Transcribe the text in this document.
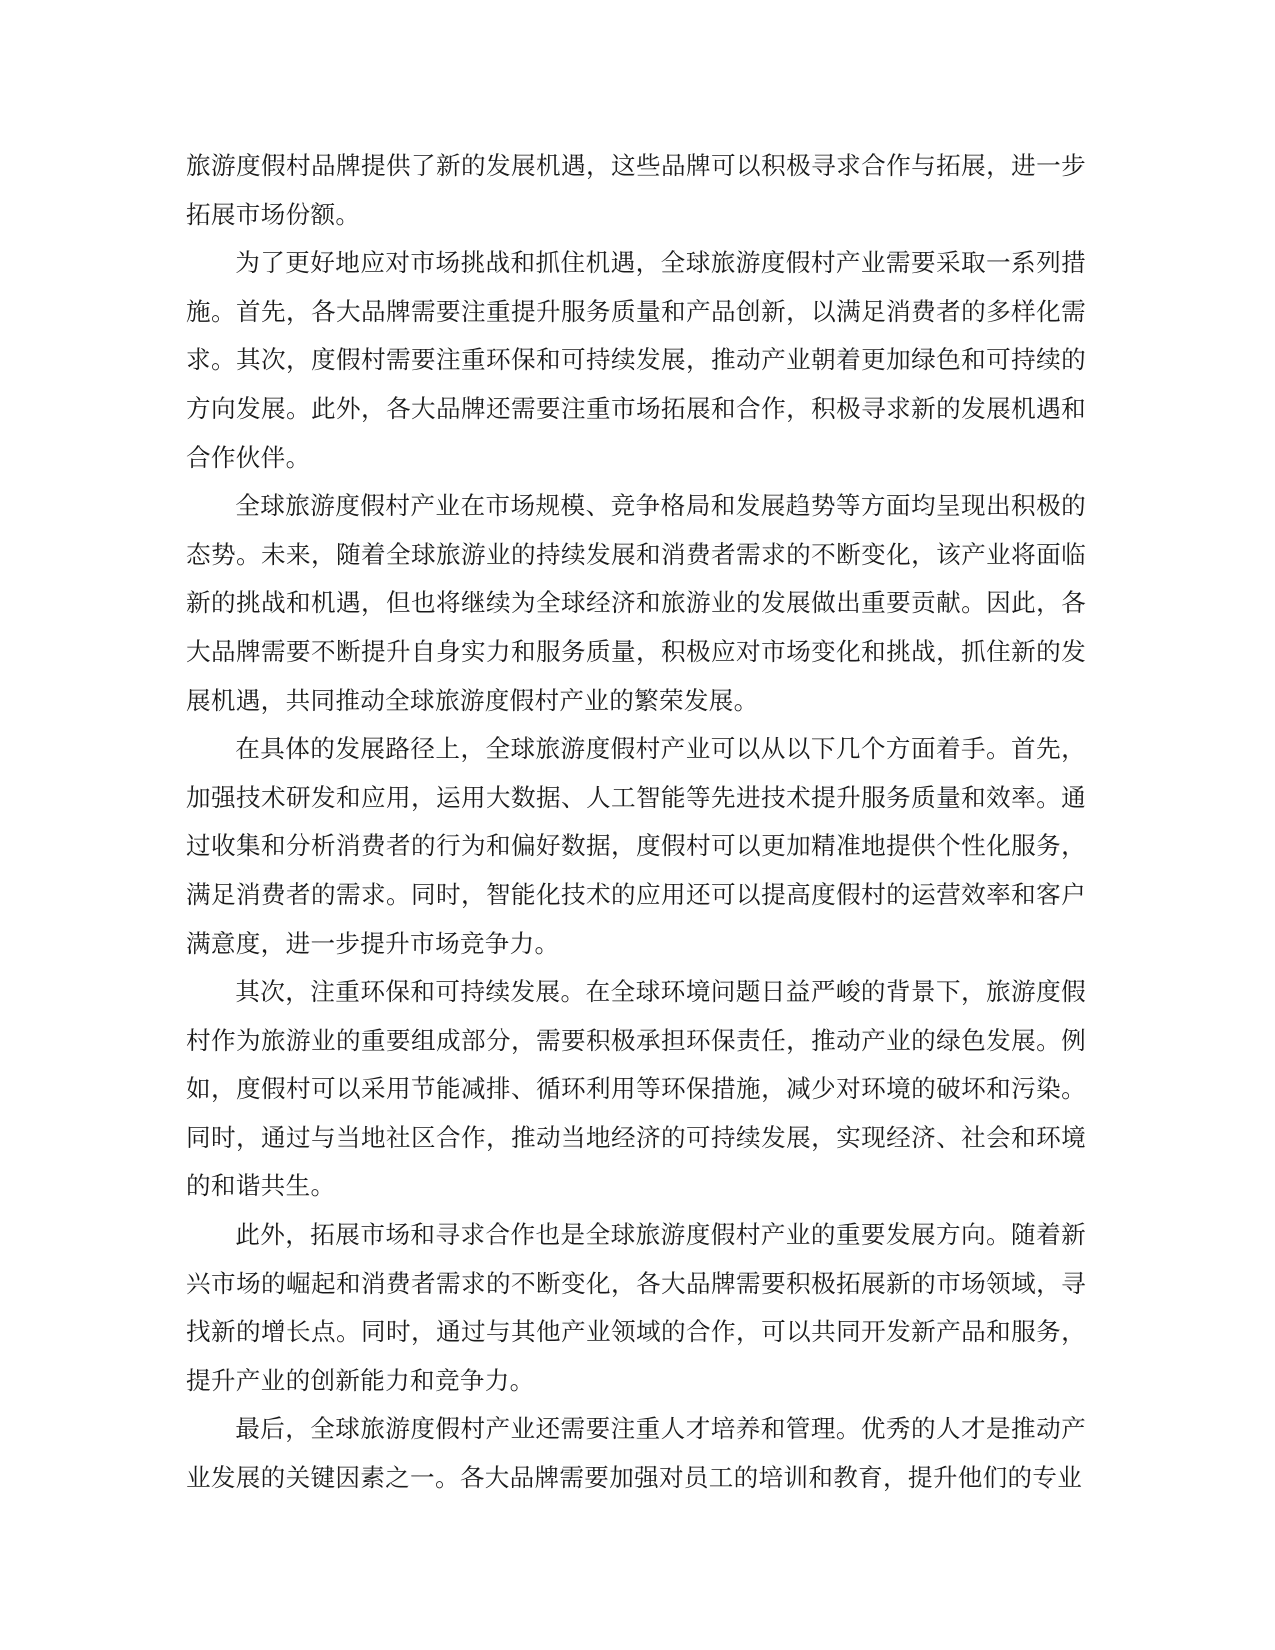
旅游度假村品牌提供了新的发展机遇，这些品牌可以积极寻求合作与拓展，进一步拓展市场份额。

为了更好地应对市场挑战和抓住机遇，全球旅游度假村产业需要采取一系列措施。首先，各大品牌需要注重提升服务质量和产品创新，以满足消费者的多样化需求。其次，度假村需要注重环保和可持续发展，推动产业朝着更加绿色和可持续的方向发展。此外，各大品牌还需要注重市场拓展和合作，积极寻求新的发展机遇和合作伙伴。

全球旅游度假村产业在市场规模、竞争格局和发展趋势等方面均呈现出积极的态势。未来，随着全球旅游业的持续发展和消费者需求的不断变化，该产业将面临新的挑战和机遇，但也将继续为全球经济和旅游业的发展做出重要贡献。因此，各大品牌需要不断提升自身实力和服务质量，积极应对市场变化和挑战，抓住新的发展机遇，共同推动全球旅游度假村产业的繁荣发展。

在具体的发展路径上，全球旅游度假村产业可以从以下几个方面着手。首先，加强技术研发和应用，运用大数据、人工智能等先进技术提升服务质量和效率。通过收集和分析消费者的行为和偏好数据，度假村可以更加精准地提供个性化服务，满足消费者的需求。同时，智能化技术的应用还可以提高度假村的运营效率和客户满意度，进一步提升市场竞争力。

其次，注重环保和可持续发展。在全球环境问题日益严峻的背景下，旅游度假村作为旅游业的重要组成部分，需要积极承担环保责任，推动产业的绿色发展。例如，度假村可以采用节能减排、循环利用等环保措施，减少对环境的破坏和污染。同时，通过与当地社区合作，推动当地经济的可持续发展，实现经济、社会和环境的和谐共生。

此外，拓展市场和寻求合作也是全球旅游度假村产业的重要发展方向。随着新兴市场的崛起和消费者需求的不断变化，各大品牌需要积极拓展新的市场领域，寻找新的增长点。同时，通过与其他产业领域的合作，可以共同开发新产品和服务，提升产业的创新能力和竞争力。

最后，全球旅游度假村产业还需要注重人才培养和管理。优秀的人才是推动产业发展的关键因素之一。各大品牌需要加强对员工的培训和教育，提升他们的专业
